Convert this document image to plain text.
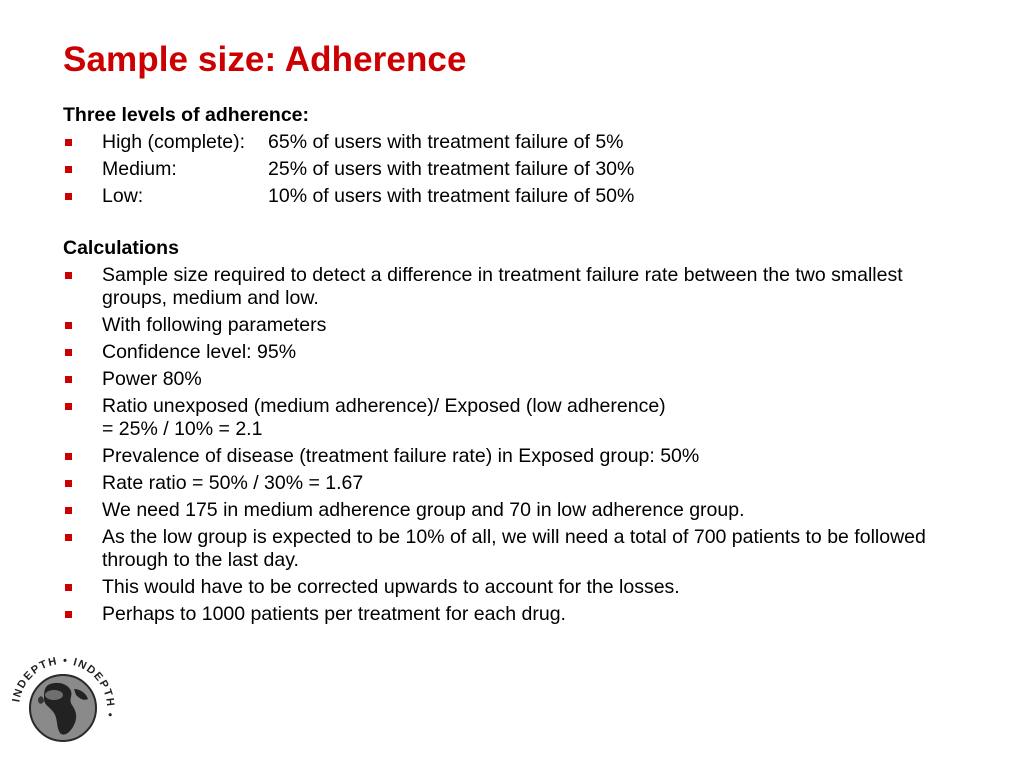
Sample size: Adherence
Three levels of adherence:
High (complete): 65% of users with treatment failure of 5%
Medium:	25% of users with treatment failure of 30%
Low:	10% of users with treatment failure of 50%
Calculations
Sample size required to detect a difference in treatment failure rate between the two smallest groups, medium and low.
With following parameters
Confidence level: 95%
Power 80%
Ratio unexposed (medium adherence)/ Exposed (low adherence)
= 25% / 10% = 2.1
Prevalence of disease (treatment failure rate) in Exposed group: 50%
Rate ratio = 50% / 30% = 1.67
We need 175 in medium adherence group and 70 in low adherence group.
As the low group is expected to be 10% of all, we will need a total of 700 patients to be followed through to the last day.
This would have to be corrected upwards to account for the losses.
Perhaps to 1000 patients per treatment for each drug.
INDEPTH • INDEPTH •
